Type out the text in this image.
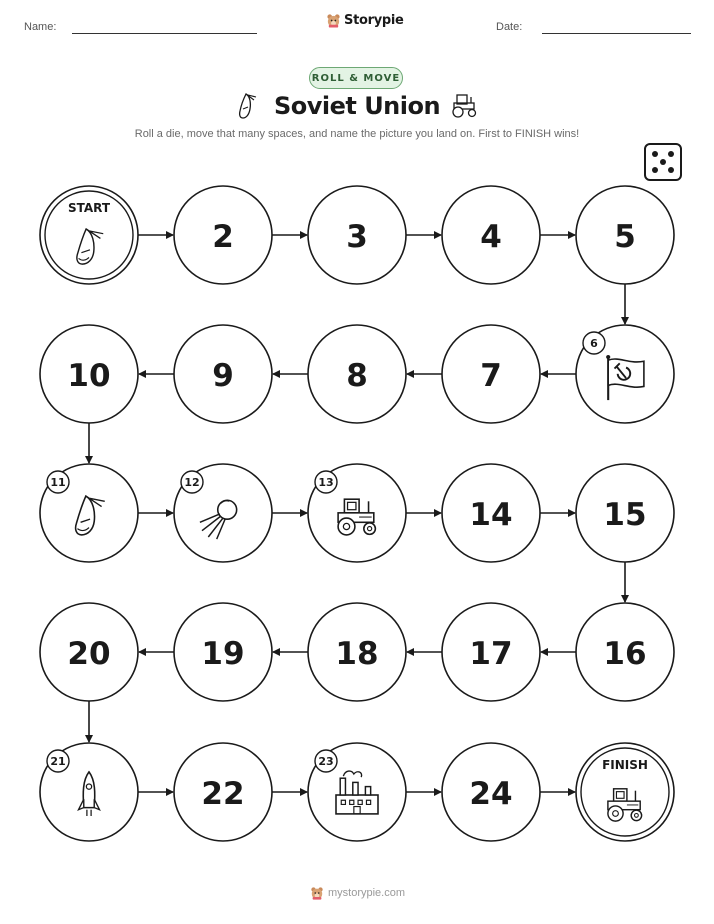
Name:	Storypie	Date:
ROLL & MOVE
Soviet Union
Roll a die, move that many spaces, and name the picture you land on. First to FINISH wins!
START
2	3	4	5
6
7
8
9
10
11	12	13
14	15
16
17
18
19
20
21
22
23
24
FINISH
mystorypie.com
